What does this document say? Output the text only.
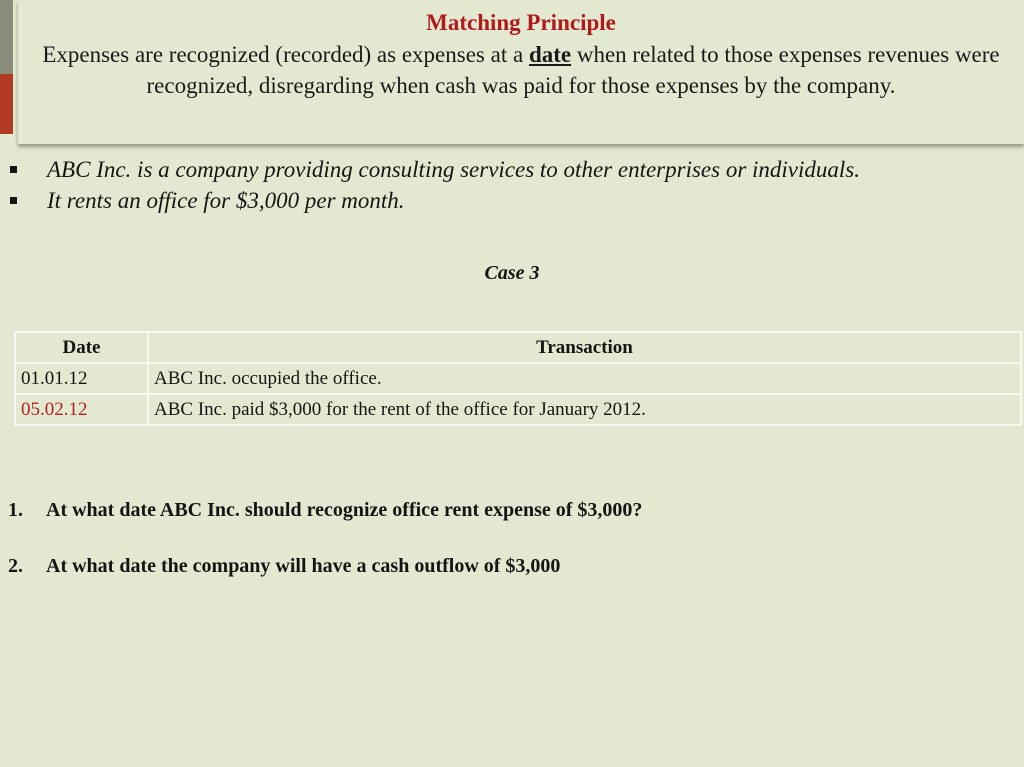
Matching Principle
Expenses are recognized (recorded) as expenses at a date when related to those expenses revenues were recognized, disregarding when cash was paid for those expenses by the company.
ABC Inc. is a company providing consulting services to other enterprises or individuals.
It rents an office for $3,000 per month.
Case 3
Date	Transaction
01.01.12	ABC Inc. occupied the office.
05.02.12	ABC Inc. paid $3,000 for the rent of the office for January 2012.
1. At what date ABC Inc. should recognize office rent expense of $3,000?
2. At what date the company will have a cash outflow of $3,000
